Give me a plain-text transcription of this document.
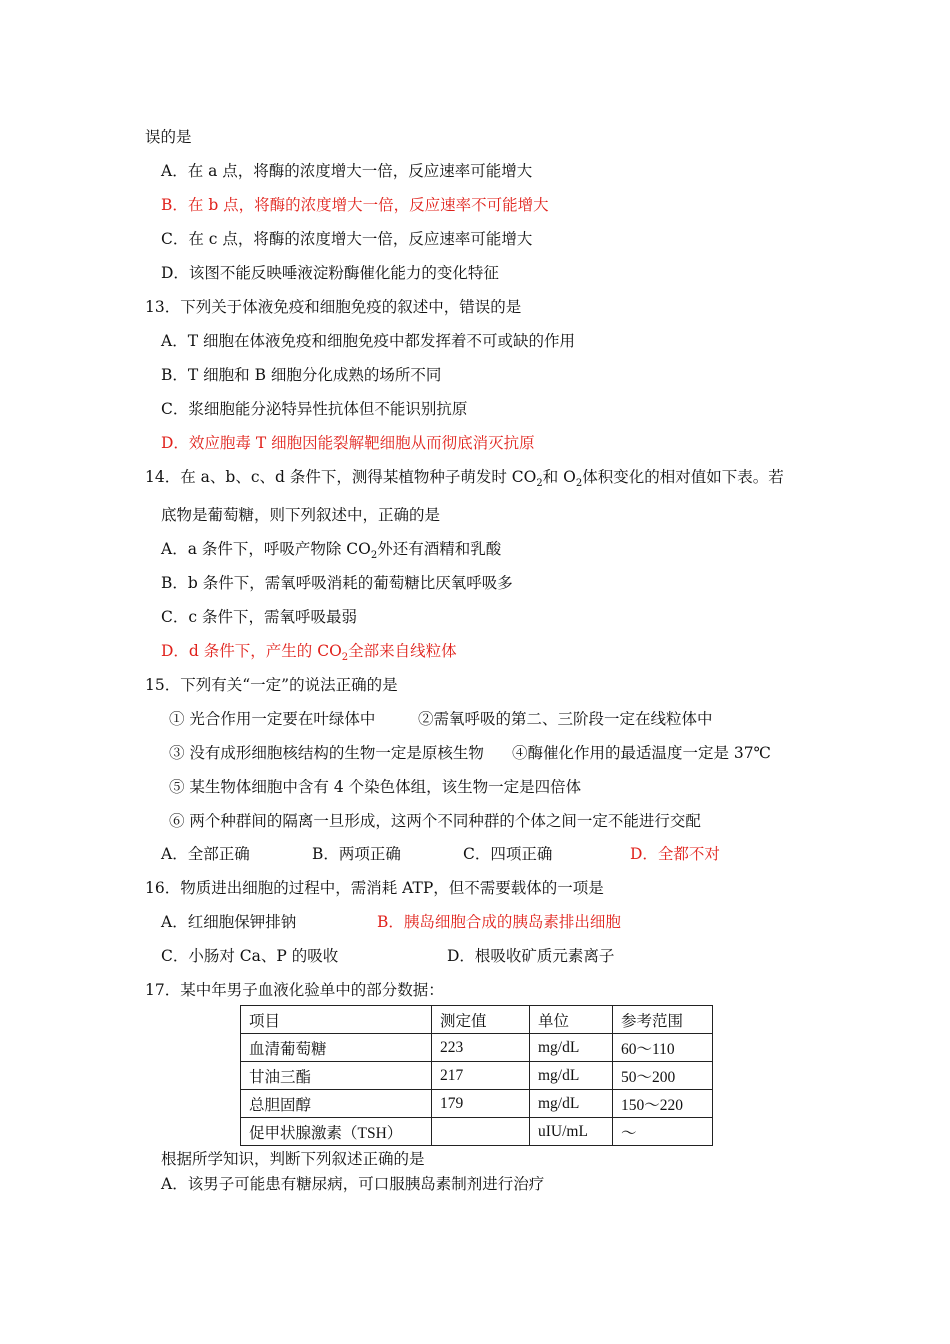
误的是
A．在 a 点，将酶的浓度增大一倍，反应速率可能增大
B．在 b 点，将酶的浓度增大一倍，反应速率不可能增大
C．在 c 点，将酶的浓度增大一倍，反应速率可能增大
D．该图不能反映唾液淀粉酶催化能力的变化特征
13．下列关于体液免疫和细胞免疫的叙述中，错误的是
A．T 细胞在体液免疫和细胞免疫中都发挥着不可或缺的作用
B．T 细胞和 B 细胞分化成熟的场所不同
C．浆细胞能分泌特异性抗体但不能识别抗原
D．效应胞毒 T 细胞因能裂解靶细胞从而彻底消灭抗原
14．在 a、b、c、d 条件下，测得某植物种子萌发时 $CO_2$和 $O_2$体积变化的相对值如下表。若
底物是葡萄糖，则下列叙述中，正确的是
A．a 条件下，呼吸产物除 $CO_2$外还有酒精和乳酸
B．b 条件下，需氧呼吸消耗的葡萄糖比厌氧呼吸多
C．c 条件下，需氧呼吸最弱
D．d 条件下，产生的 $CO_2$全部来自线粒体
15．下列有关“一定”的说法正确的是
① 光合作用一定要在叶绿体中	②需氧呼吸的第二、三阶段一定在线粒体中
③ 没有成形细胞核结构的生物一定是原核生物 ④酶催化作用的最适温度一定是 37℃
⑤ 某生物体细胞中含有 4 个染色体组，该生物一定是四倍体
⑥ 两个种群间的隔离一旦形成，这两个不同种群的个体之间一定不能进行交配
A．全部正确	B．两项正确	C．四项正确	D．全都不对
16．物质进出细胞的过程中，需消耗 ATP，但不需要载体的一项是
A．红细胞保钾排钠	B．胰岛细胞合成的胰岛素排出细胞
C．小肠对 Ca、P 的吸收	D．根吸收矿质元素离子
17．某中年男子血液化验单中的部分数据：
项目	测定值	单位	参考范围
血清葡萄糖	223	mg/dL	60～110
甘油三酯	217	mg/dL	50～200
总胆固醇	179	mg/dL	150～220
促甲状腺激素（TSH）		uIU/mL	～
根据所学知识，判断下列叙述正确的是
A．该男子可能患有糖尿病，可口服胰岛素制剂进行治疗
